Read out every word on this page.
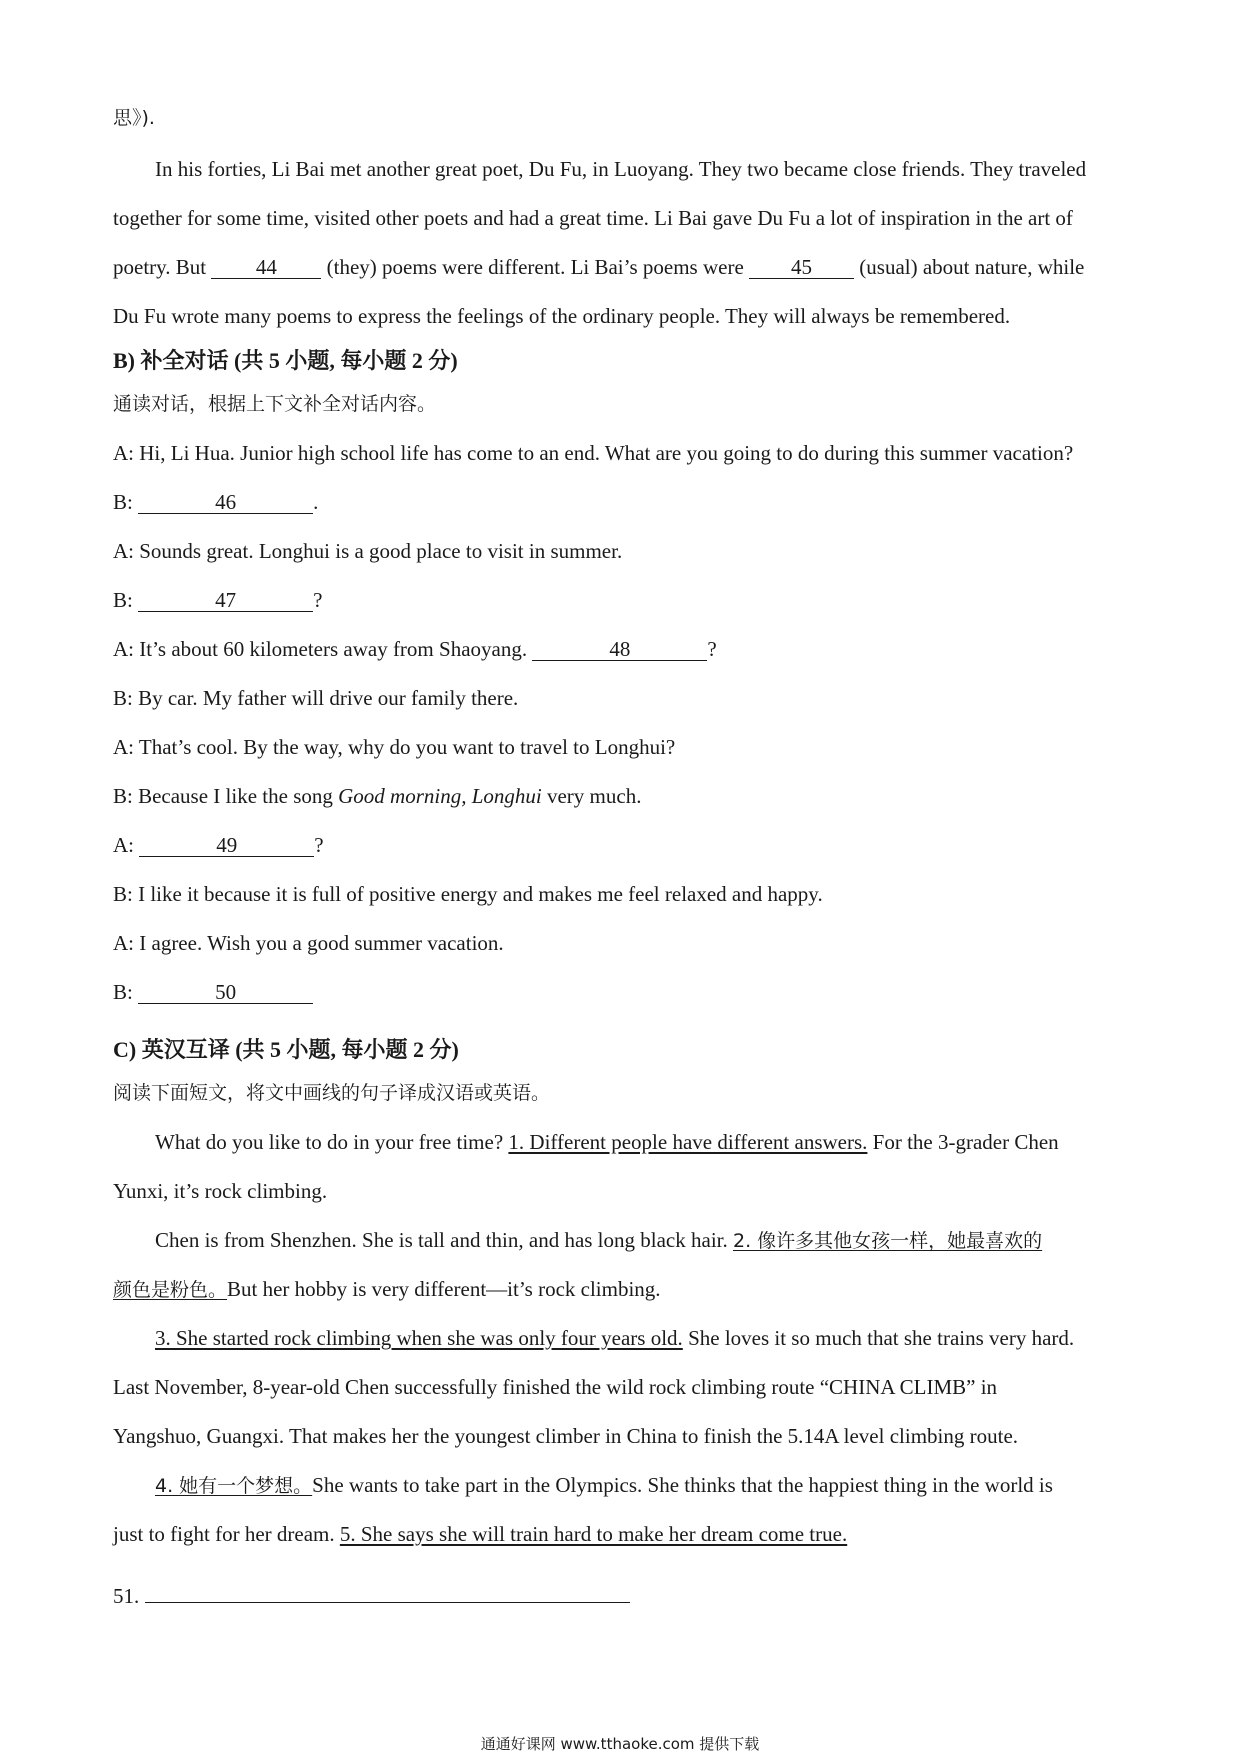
思》).
In his forties, Li Bai met another great poet, Du Fu, in Luoyang. They two became close friends. They traveled
together for some time, visited other poets and had a great time. Li Bai gave Du Fu a lot of inspiration in the art of
poetry. But 44 (they) poems were different. Li Bai’s poems were 45 (usual) about nature, while
Du Fu wrote many poems to express the feelings of the ordinary people. They will always be remembered.
B) 补全对话 (共 5 小题, 每小题 2 分)
通读对话，根据上下文补全对话内容。
A: Hi, Li Hua. Junior high school life has come to an end. What are you going to do during this summer vacation?
B:	46	.
A: Sounds great. Longhui is a good place to visit in summer.
B:	47	?
A: It’s about 60 kilometers away from Shaoyang.	48	?
B: By car. My father will drive our family there.
A: That’s cool. By the way, why do you want to travel to Longhui?
B: Because I like the song Good morning, Longhui very much.
A:	49	?
B: I like it because it is full of positive energy and makes me feel relaxed and happy.
A: I agree. Wish you a good summer vacation.
B:	50
C) 英汉互译 (共 5 小题, 每小题 2 分)
阅读下面短文，将文中画线的句子译成汉语或英语。
What do you like to do in your free time? 1. Different people have different answers. For the 3-grader Chen
Yunxi, it’s rock climbing.
Chen is from Shenzhen. She is tall and thin, and has long black hair. 2. 像许多其他女孩一样，她最喜欢的
颜色是粉色。But her hobby is very different—it’s rock climbing.
3. She started rock climbing when she was only four years old. She loves it so much that she trains very hard.
Last November, 8-year-old Chen successfully finished the wild rock climbing route “CHINA CLIMB” in
Yangshuo, Guangxi. That makes her the youngest climber in China to finish the 5.14A level climbing route.
4. 她有一个梦想。She wants to take part in the Olympics. She thinks that the happiest thing in the world is
just to fight for her dream. 5. She says she will train hard to make her dream come true.
51.
通通好课网 www.tthaoke.com 提供下载
